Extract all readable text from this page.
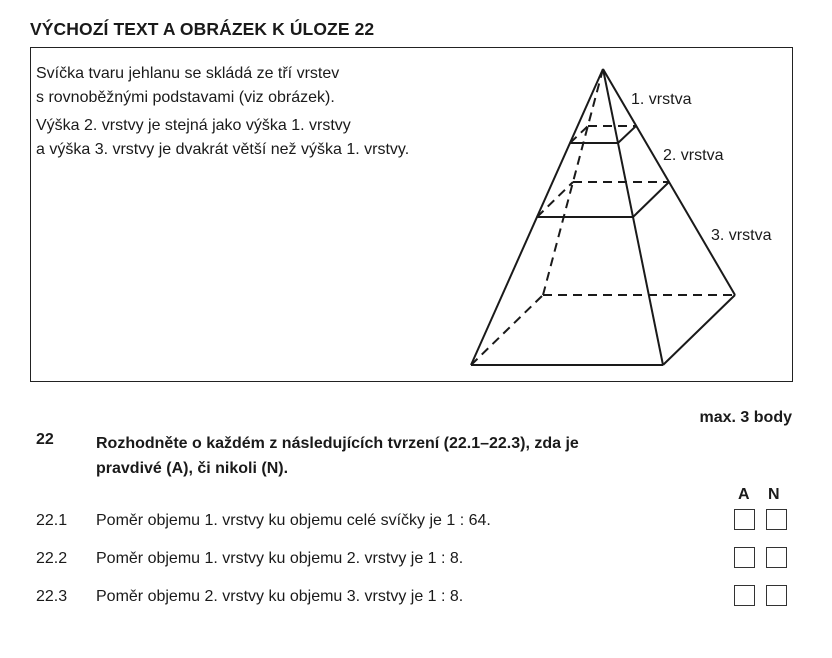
VÝCHOZÍ TEXT A OBRÁZEK K ÚLOZE 22
Svíčka tvaru jehlanu se skládá ze tří vrstev

s rovnoběžnými podstavami (viz obrázek).

Výška 2. vrstvy je stejná jako výška 1. vrstvy
a výška 3. vrstvy je dvakrát větší než výška 1. vrstvy.
1. vrstva
2. vrstva
3. vrstva
max. 3 body
22	Rozhodněte o každém z následujících tvrzení (22.1–22.3), zda je
pravdivé (A), či nikoli (N).
A N
22.1 Poměr objemu 1. vrstvy ku objemu celé svíčky je 1 : 64.
22.2 Poměr objemu 1. vrstvy ku objemu 2. vrstvy je 1 : 8.
22.3 Poměr objemu 2. vrstvy ku objemu 3. vrstvy je 1 : 8.
